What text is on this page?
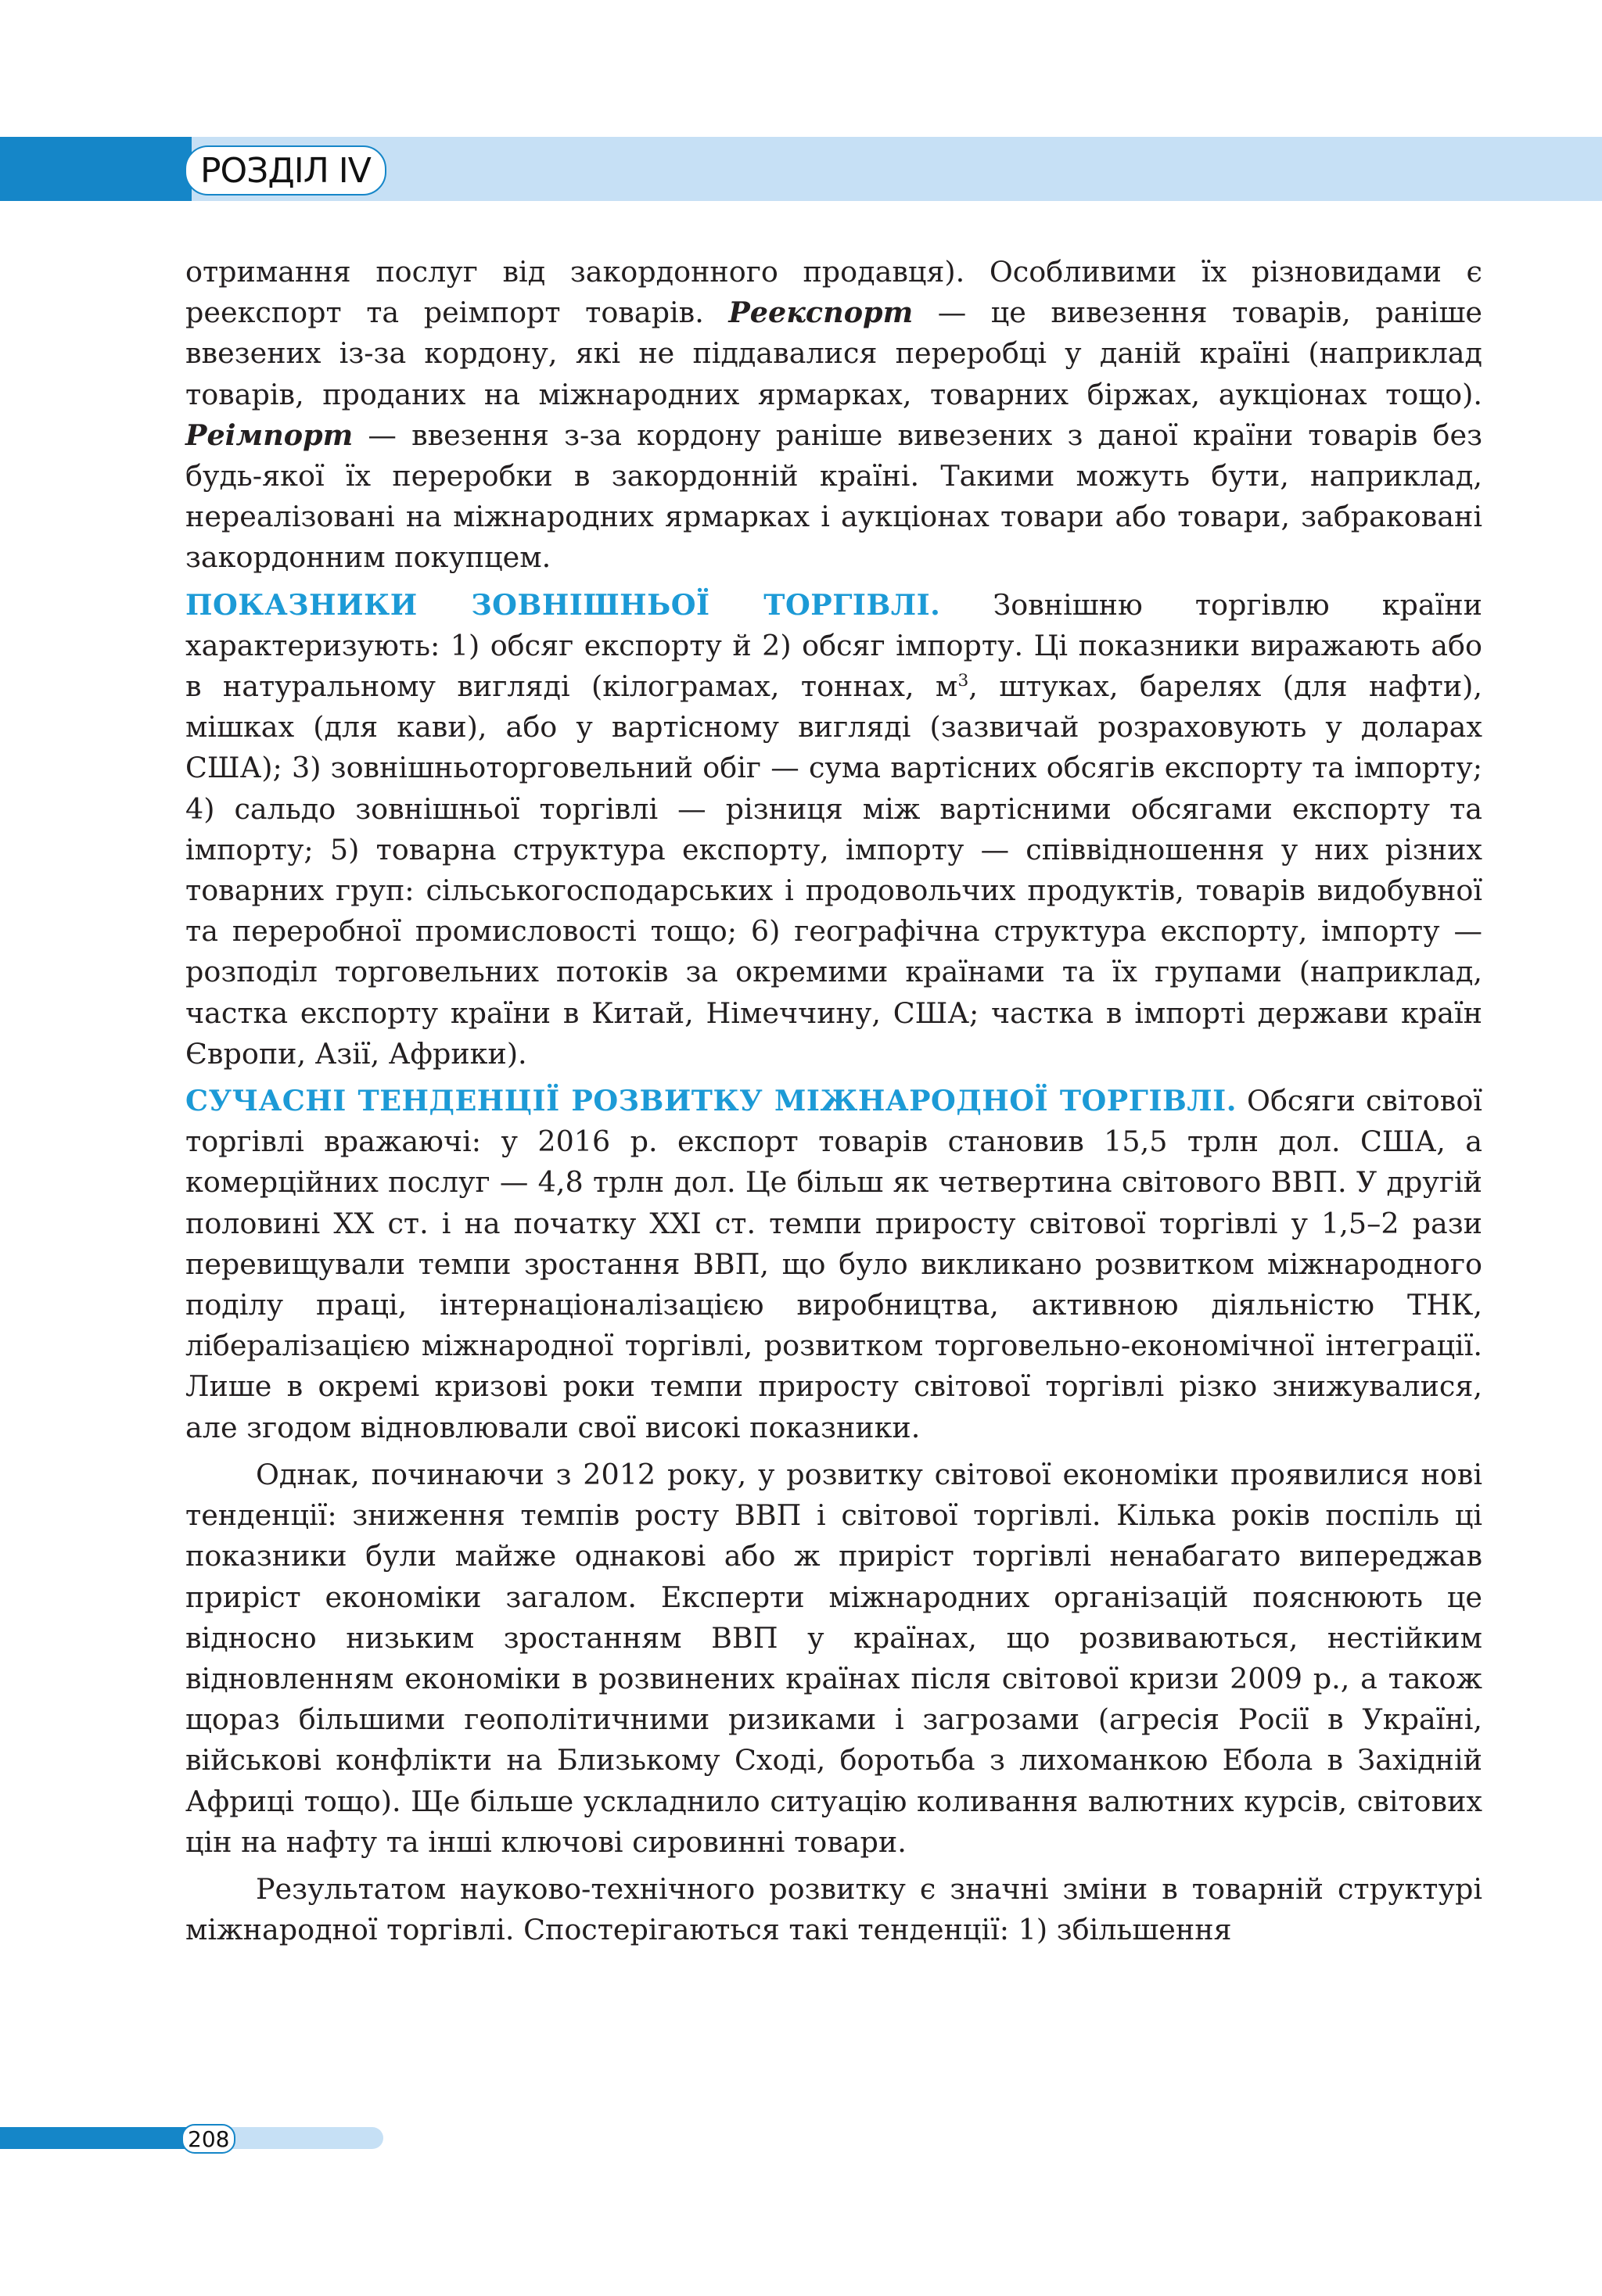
РОЗДІЛ IV

отримання послуг від закордонного продавця). Особливими їх різновидами є реекспорт та реімпорт товарів. Реекспорт — це вивезення товарів, раніше ввезених із-за кордону, які не піддавалися переробці у даній країні (наприклад товарів, проданих на міжнародних ярмарках, товарних біржах, аукціонах тощо). Реімпорт — ввезення з-за кордону раніше вивезених з даної країни товарів без будь-якої їх переробки в закордонній країні. Такими можуть бути, наприклад, нереалізовані на міжнародних ярмарках і аукціонах товари або товари, забраковані закордонним покупцем.

ПОКАЗНИКИ ЗОВНІШНЬОЇ ТОРГІВЛІ. Зовнішню торгівлю країни характеризують: 1) обсяг експорту й 2) обсяг імпорту. Ці показники виражають або в натуральному вигляді (кілограмах, тоннах, $м^3$, штуках, барелях (для нафти), мішках (для кави), або у вартісному вигляді (зазвичай розраховують у доларах США); 3) зовнішньоторговельний обіг — сума вартісних обсягів експорту та імпорту; 4) сальдо зовнішньої торгівлі — різниця між вартісними обсягами експорту та імпорту; 5) товарна структура експорту, імпорту — співвідношення у них різних товарних груп: сільськогосподарських і продовольчих продуктів, товарів видобувної та переробної промисловості тощо; 6) географічна структура експорту, імпорту — розподіл торговельних потоків за окремими країнами та їх групами (наприклад, частка експорту країни в Китай, Німеччину, США; частка в імпорті держави країн Європи, Азії, Африки).

СУЧАСНІ ТЕНДЕНЦІЇ РОЗВИТКУ МІЖНАРОДНОЇ ТОРГІВЛІ. Обсяги світової торгівлі вражаючі: у 2016 р. експорт товарів становив 15,5 трлн дол. США, а комерційних послуг — 4,8 трлн дол. Це більш як четвертина світового ВВП. У другій половині XX ст. і на початку XXI ст. темпи приросту світової торгівлі у 1,5–2 рази перевищували темпи зростання ВВП, що було викликано розвитком міжнародного поділу праці, інтернаціоналізацією виробництва, активною діяльністю ТНК, лібералізацією міжнародної торгівлі, розвитком торговельно-економічної інтеграції. Лише в окремі кризові роки темпи приросту світової торгівлі різко знижувалися, але згодом відновлювали свої високі показники.

Однак, починаючи з 2012 року, у розвитку світової економіки проявилися нові тенденції: зниження темпів росту ВВП і світової торгівлі. Кілька років поспіль ці показники були майже однакові або ж приріст торгівлі ненабагато випереджав приріст економіки загалом. Експерти міжнародних організацій пояснюють це відносно низьким зростанням ВВП у країнах, що розвиваються, нестійким відновленням економіки в розвинених країнах після світової кризи 2009 р., а також щораз більшими геополітичними ризиками і загрозами (агресія Росії в Україні, військові конфлікти на Близькому Сході, боротьба з лихоманкою Ебола в Західній Африці тощо). Ще більше ускладнило ситуацію коливання валютних курсів, світових цін на нафту та інші ключові сировинні товари.

Результатом науково-технічного розвитку є значні зміни в товарній структурі міжнародної торгівлі. Спостерігаються такі тенденції: 1) збільшення

208
